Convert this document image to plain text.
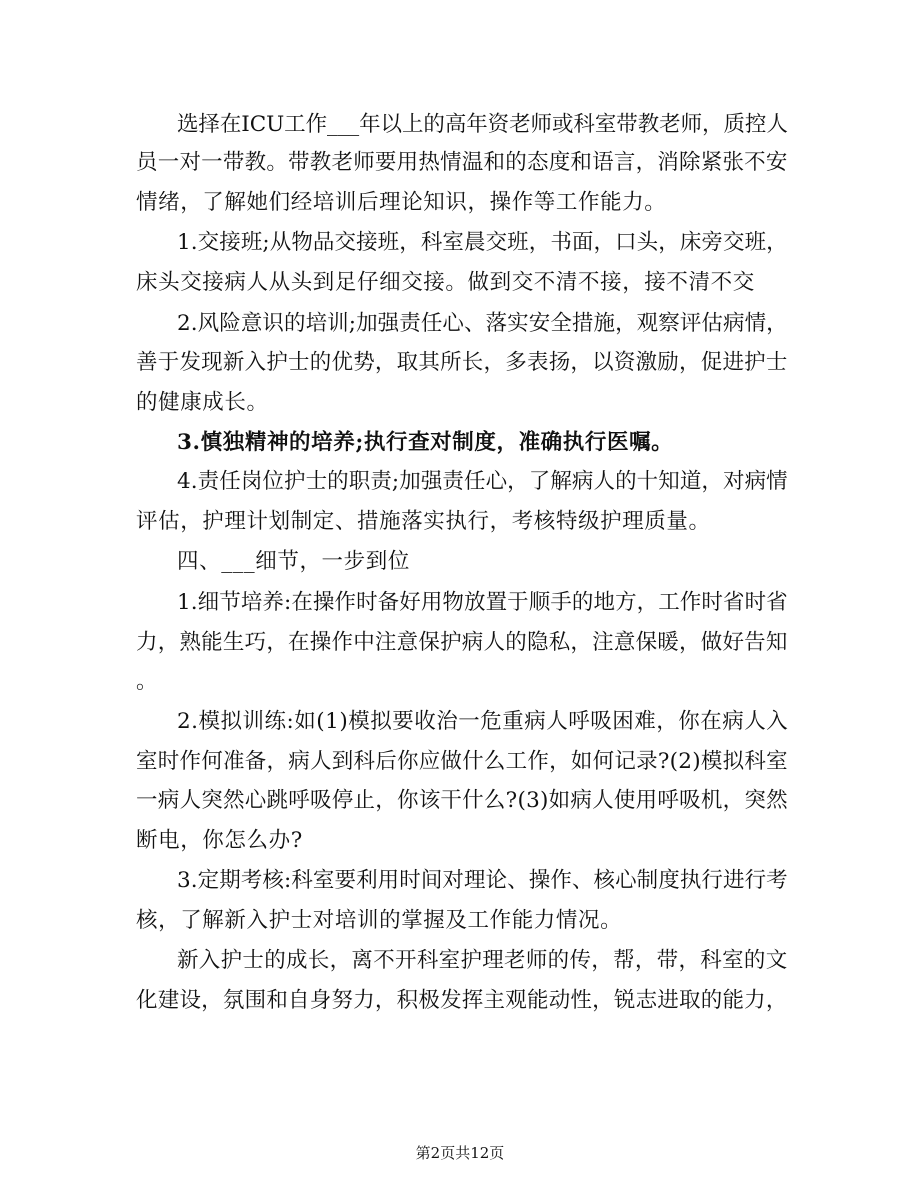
选择在ICU工作___年以上的高年资老师或科室带教老师，质控人
员一对一带教。带教老师要用热情温和的态度和语言，消除紧张不安
情绪，了解她们经培训后理论知识，操作等工作能力。
1.交接班;从物品交接班，科室晨交班，书面，口头，床旁交班，
床头交接病人从头到足仔细交接。做到交不清不接，接不清不交
2.风险意识的培训;加强责任心、落实安全措施，观察评估病情，
善于发现新入护士的优势，取其所长，多表扬，以资激励，促进护士
的健康成长。
3.慎独精神的培养;执行查对制度，准确执行医嘱。
4.责任岗位护士的职责;加强责任心，了解病人的十知道，对病情
评估，护理计划制定、措施落实执行，考核特级护理质量。
四、___细节，一步到位
1.细节培养:在操作时备好用物放置于顺手的地方，工作时省时省
力，熟能生巧，在操作中注意保护病人的隐私，注意保暖，做好告知
。
2.模拟训练:如(1)模拟要收治一危重病人呼吸困难，你在病人入
室时作何准备，病人到科后你应做什么工作，如何记录?(2)模拟科室
一病人突然心跳呼吸停止，你该干什么?(3)如病人使用呼吸机，突然
断电，你怎么办?
3.定期考核:科室要利用时间对理论、操作、核心制度执行进行考
核，了解新入护士对培训的掌握及工作能力情况。
新入护士的成长，离不开科室护理老师的传，帮，带，科室的文
化建设，氛围和自身努力，积极发挥主观能动性，锐志进取的能力，
第2页共12页
